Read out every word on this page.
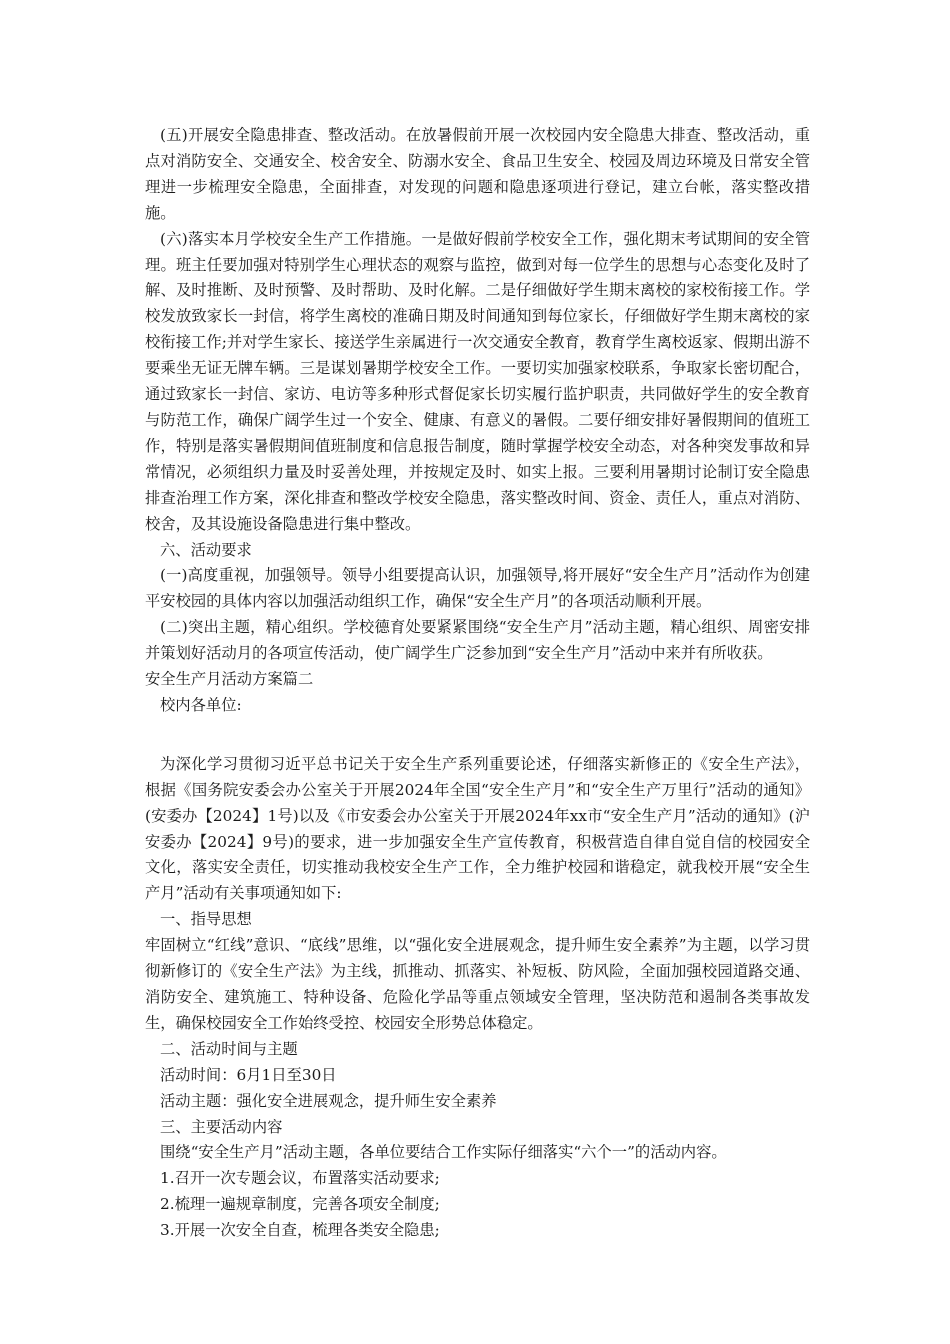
(五)开展安全隐患排查、整改活动。在放暑假前开展一次校园内安全隐患大排查、整改活动，重点对消防安全、交通安全、校舍安全、防溺水安全、食品卫生安全、校园及周边环境及日常安全管理进一步梳理安全隐患，全面排查，对发现的问题和隐患逐项进行登记，建立台帐，落实整改措施。

(六)落实本月学校安全生产工作措施。一是做好假前学校安全工作，强化期末考试期间的安全管理。班主任要加强对特别学生心理状态的观察与监控，做到对每一位学生的思想与心态变化及时了解、及时推断、及时预警、及时帮助、及时化解。二是仔细做好学生期末离校的家校衔接工作。学校发放致家长一封信，将学生离校的准确日期及时间通知到每位家长，仔细做好学生期末离校的家校衔接工作;并对学生家长、接送学生亲属进行一次交通安全教育，教育学生离校返家、假期出游不要乘坐无证无牌车辆。三是谋划暑期学校安全工作。一要切实加强家校联系，争取家长密切配合，通过致家长一封信、家访、电访等多种形式督促家长切实履行监护职责，共同做好学生的安全教育与防范工作，确保广阔学生过一个安全、健康、有意义的暑假。二要仔细安排好暑假期间的值班工作，特别是落实暑假期间值班制度和信息报告制度，随时掌握学校安全动态，对各种突发事故和异常情况，必须组织力量及时妥善处理，并按规定及时、如实上报。三要利用暑期讨论制订安全隐患排查治理工作方案，深化排查和整改学校安全隐患，落实整改时间、资金、责任人，重点对消防、校舍，及其设施设备隐患进行集中整改。

六、活动要求

(一)高度重视，加强领导。领导小组要提高认识，加强领导,将开展好“安全生产月”活动作为创建平安校园的具体内容以加强活动组织工作，确保“安全生产月”的各项活动顺利开展。

(二)突出主题，精心组织。学校德育处要紧紧围绕“安全生产月”活动主题，精心组织、周密安排并策划好活动月的各项宣传活动，使广阔学生广泛参加到“安全生产月”活动中来并有所收获。

安全生产月活动方案篇二

校内各单位:

为深化学习贯彻习近平总书记关于安全生产系列重要论述，仔细落实新修正的《安全生产法》，根据《国务院安委会办公室关于开展2024年全国“安全生产月”和“安全生产万里行”活动的通知》(安委办【2024】1号)以及《市安委会办公室关于开展2024年xx市“安全生产月”活动的通知》(沪安委办【2024】9号)的要求，进一步加强安全生产宣传教育，积极营造自律自觉自信的校园安全文化，落实安全责任，切实推动我校安全生产工作，全力维护校园和谐稳定，就我校开展“安全生产月”活动有关事项通知如下:

一、指导思想

牢固树立“红线”意识、“底线”思维，以“强化安全进展观念，提升师生安全素养”为主题，以学习贯彻新修订的《安全生产法》为主线，抓推动、抓落实、补短板、防风险，全面加强校园道路交通、消防安全、建筑施工、特种设备、危险化学品等重点领域安全管理，坚决防范和遏制各类事故发生，确保校园安全工作始终受控、校园安全形势总体稳定。

二、活动时间与主题

活动时间：6月1日至30日

活动主题：强化安全进展观念，提升师生安全素养

三、主要活动内容

围绕“安全生产月”活动主题，各单位要结合工作实际仔细落实“六个一”的活动内容。

1.召开一次专题会议，布置落实活动要求;

2.梳理一遍规章制度，完善各项安全制度;

3.开展一次安全自查，梳理各类安全隐患;
